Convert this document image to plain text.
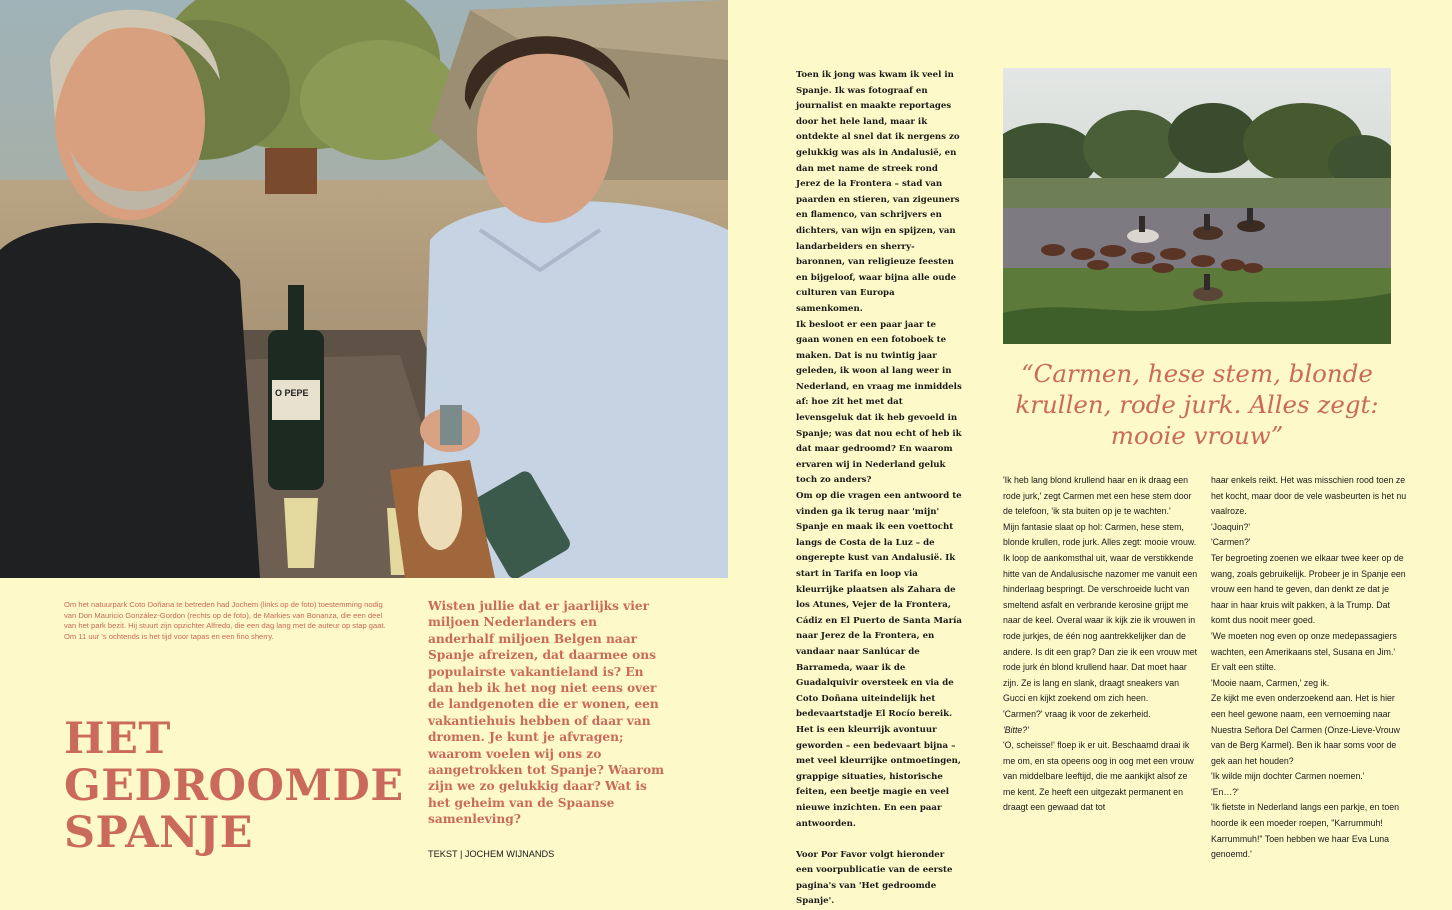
O PEPE
Om het natuurpark Coto Doñana te betreden had Jochem (links op de foto) toestemming nodig van Don Mauricio González-Gordon (rechts op de foto), de Markies van Bonanza, die een deel van het park bezit. Hij stuurt zijn opzichter Alfredo, die een dag lang met de auteur op stap gaat. Om 11 uur 's ochtends is het tijd voor tapas en een fino sherry.
Wisten jullie dat er jaarlijks vier miljoen Nederlanders en anderhalf miljoen Belgen naar Spanje afreizen, dat daarmee ons populairste vakantieland is? En dan heb ik het nog niet eens over de landgenoten die er wonen, een vakantiehuis hebben of daar van dromen. Je kunt je afvragen; waarom voelen wij ons zo aangetrokken tot Spanje? Waarom zijn we zo gelukkig daar? Wat is het geheim van de Spaanse samenleving?
HET
GEDROOMDE
SPANJE	TEKST | JOCHEM WIJNANDS

Toen ik jong was kwam ik veel in Spanje. Ik was fotograaf en journalist en maakte reportages door het hele land, maar ik ontdekte al snel dat ik nergens zo gelukkig was als in Andalusië, en dan met name de streek rond Jerez de la Frontera – stad van paarden en stieren, van zigeuners en flamenco, van schrijvers en dichters, van wijn en spijzen, van landarbeiders en sherry-baronnen, van religieuze feesten en bijgeloof, waar bijna alle oude culturen van Europa samenkomen.

Ik besloot er een paar jaar te gaan wonen en een fotoboek te maken. Dat is nu twintig jaar geleden, ik woon al lang weer in Nederland, en vraag me inmiddels af: hoe zit het met dat levensgeluk dat ik heb gevoeld in Spanje; was dat nou echt of heb ik dat maar gedroomd? En waarom ervaren wij in Nederland geluk toch zo anders?

Om op die vragen een antwoord te vinden ga ik terug naar 'mijn' Spanje en maak ik een voettocht langs de Costa de la Luz – de ongerepte kust van Andalusië. Ik start in Tarifa en loop via kleurrijke plaatsen als Zahara de los Atunes, Vejer de la Frontera, Cádiz en El Puerto de Santa María naar Jerez de la Frontera, en vandaar naar Sanlúcar de Barrameda, waar ik de Guadalquivir oversteek en via de Coto Doñana uiteindelijk het bedevaartstadje El Rocío bereik. Het is een kleurrijk avontuur geworden – een bedevaart bijna – met veel kleurrijke ontmoetingen, grappige situaties, historische feiten, een beetje magie en veel nieuwe inzichten. En een paar antwoorden.

Voor Por Favor volgt hieronder een voorpublicatie van de eerste pagina's van 'Het gedroomde Spanje'.

“Carmen, hese stem, blonde krullen, rode jurk. Alles zegt: mooie vrouw”

'Ik heb lang blond krullend haar en ik draag een rode jurk,' zegt Carmen met een hese stem door de telefoon, 'ik sta buiten op je te wachten.'

Mijn fantasie slaat op hol: Carmen, hese stem, blonde krullen, rode jurk. Alles zegt: mooie vrouw. Ik loop de aankomsthal uit, waar de verstikkende hitte van de Andalusische nazomer me vanuit een hinderlaag bespringt. De verschroeide lucht van smeltend asfalt en verbrande kerosine grijpt me naar de keel. Overal waar ik kijk zie ik vrouwen in rode jurkjes, de één nog aantrekkelijker dan de andere. Is dit een grap? Dan zie ik een vrouw met rode jurk én blond krullend haar. Dat moet haar zijn. Ze is lang en slank, draagt sneakers van Gucci en kijkt zoekend om zich heen.

'Carmen?' vraag ik voor de zekerheid.

'Bitte?'

'O, scheisse!' floep ik er uit. Beschaamd draai ik me om, en sta opeens oog in oog met een vrouw van middelbare leeftijd, die me aankijkt alsof ze me kent. Ze heeft een uitgezakt permanent en draagt een gewaad dat tot

haar enkels reikt. Het was misschien rood toen ze het kocht, maar door de vele wasbeurten is het nu vaalroze.

'Joaquin?'

'Carmen?'

Ter begroeting zoenen we elkaar twee keer op de wang, zoals gebruikelijk. Probeer je in Spanje een vrouw een hand te geven, dan denkt ze dat je haar in haar kruis wilt pakken, à la Trump. Dat komt dus nooit meer goed.

'We moeten nog even op onze medepassagiers wachten, een Amerikaans stel, Susana en Jim.'

Er valt een stilte.

'Mooie naam, Carmen,' zeg ik.

Ze kijkt me even onderzoekend aan. Het is hier een heel gewone naam, een vernoeming naar Nuestra Señora Del Carmen (Onze-Lieve-Vrouw van de Berg Karmel). Ben ik haar soms voor de gek aan het houden?

'Ik wilde mijn dochter Carmen noemen.'

'En…?'

'Ik fietste in Nederland langs een parkje, en toen hoorde ik een moeder roepen, "Karrummuh! Karrummuh!" Toen hebben we haar Eva Luna genoemd.'
